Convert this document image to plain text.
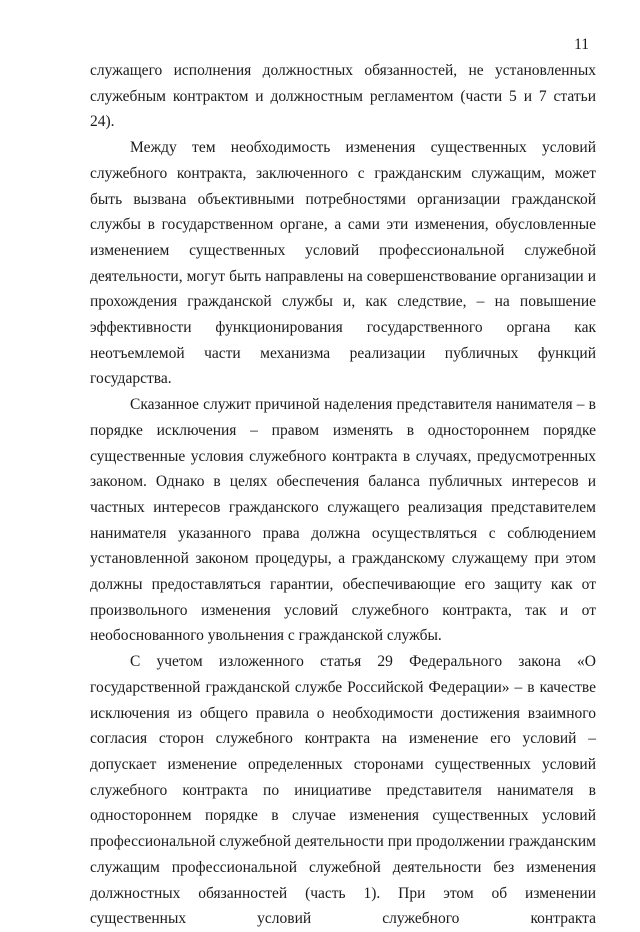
11

служащего исполнения должностных обязанностей, не установленных служебным контрактом и должностным регламентом (части 5 и 7 статьи 24).

Между тем необходимость изменения существенных условий служебного контракта, заключенного с гражданским служащим, может быть вызвана объективными потребностями организации гражданской службы в государственном органе, а сами эти изменения, обусловленные изменением существенных условий профессиональной служебной деятельности, могут быть направлены на совершенствование организации и прохождения гражданской службы и, как следствие, – на повышение эффективности функционирования государственного органа как неотъемлемой части механизма реализации публичных функций государства.

Сказанное служит причиной наделения представителя нанимателя – в порядке исключения – правом изменять в одностороннем порядке существенные условия служебного контракта в случаях, предусмотренных законом. Однако в целях обеспечения баланса публичных интересов и частных интересов гражданского служащего реализация представителем нанимателя указанного права должна осуществляться с соблюдением установленной законом процедуры, а гражданскому служащему при этом должны предоставляться гарантии, обеспечивающие его защиту как от произвольного изменения условий служебного контракта, так и от необоснованного увольнения с гражданской службы.

С учетом изложенного статья 29 Федерального закона «О государственной гражданской службе Российской Федерации» – в качестве исключения из общего правила о необходимости достижения взаимного согласия сторон служебного контракта на изменение его условий – допускает изменение определенных сторонами существенных условий служебного контракта по инициативе представителя нанимателя в одностороннем порядке в случае изменения существенных условий профессиональной служебной деятельности при продолжении гражданским служащим профессиональной служебной деятельности без изменения должностных обязанностей (часть 1). При этом об изменении существенных условий служебного контракта
